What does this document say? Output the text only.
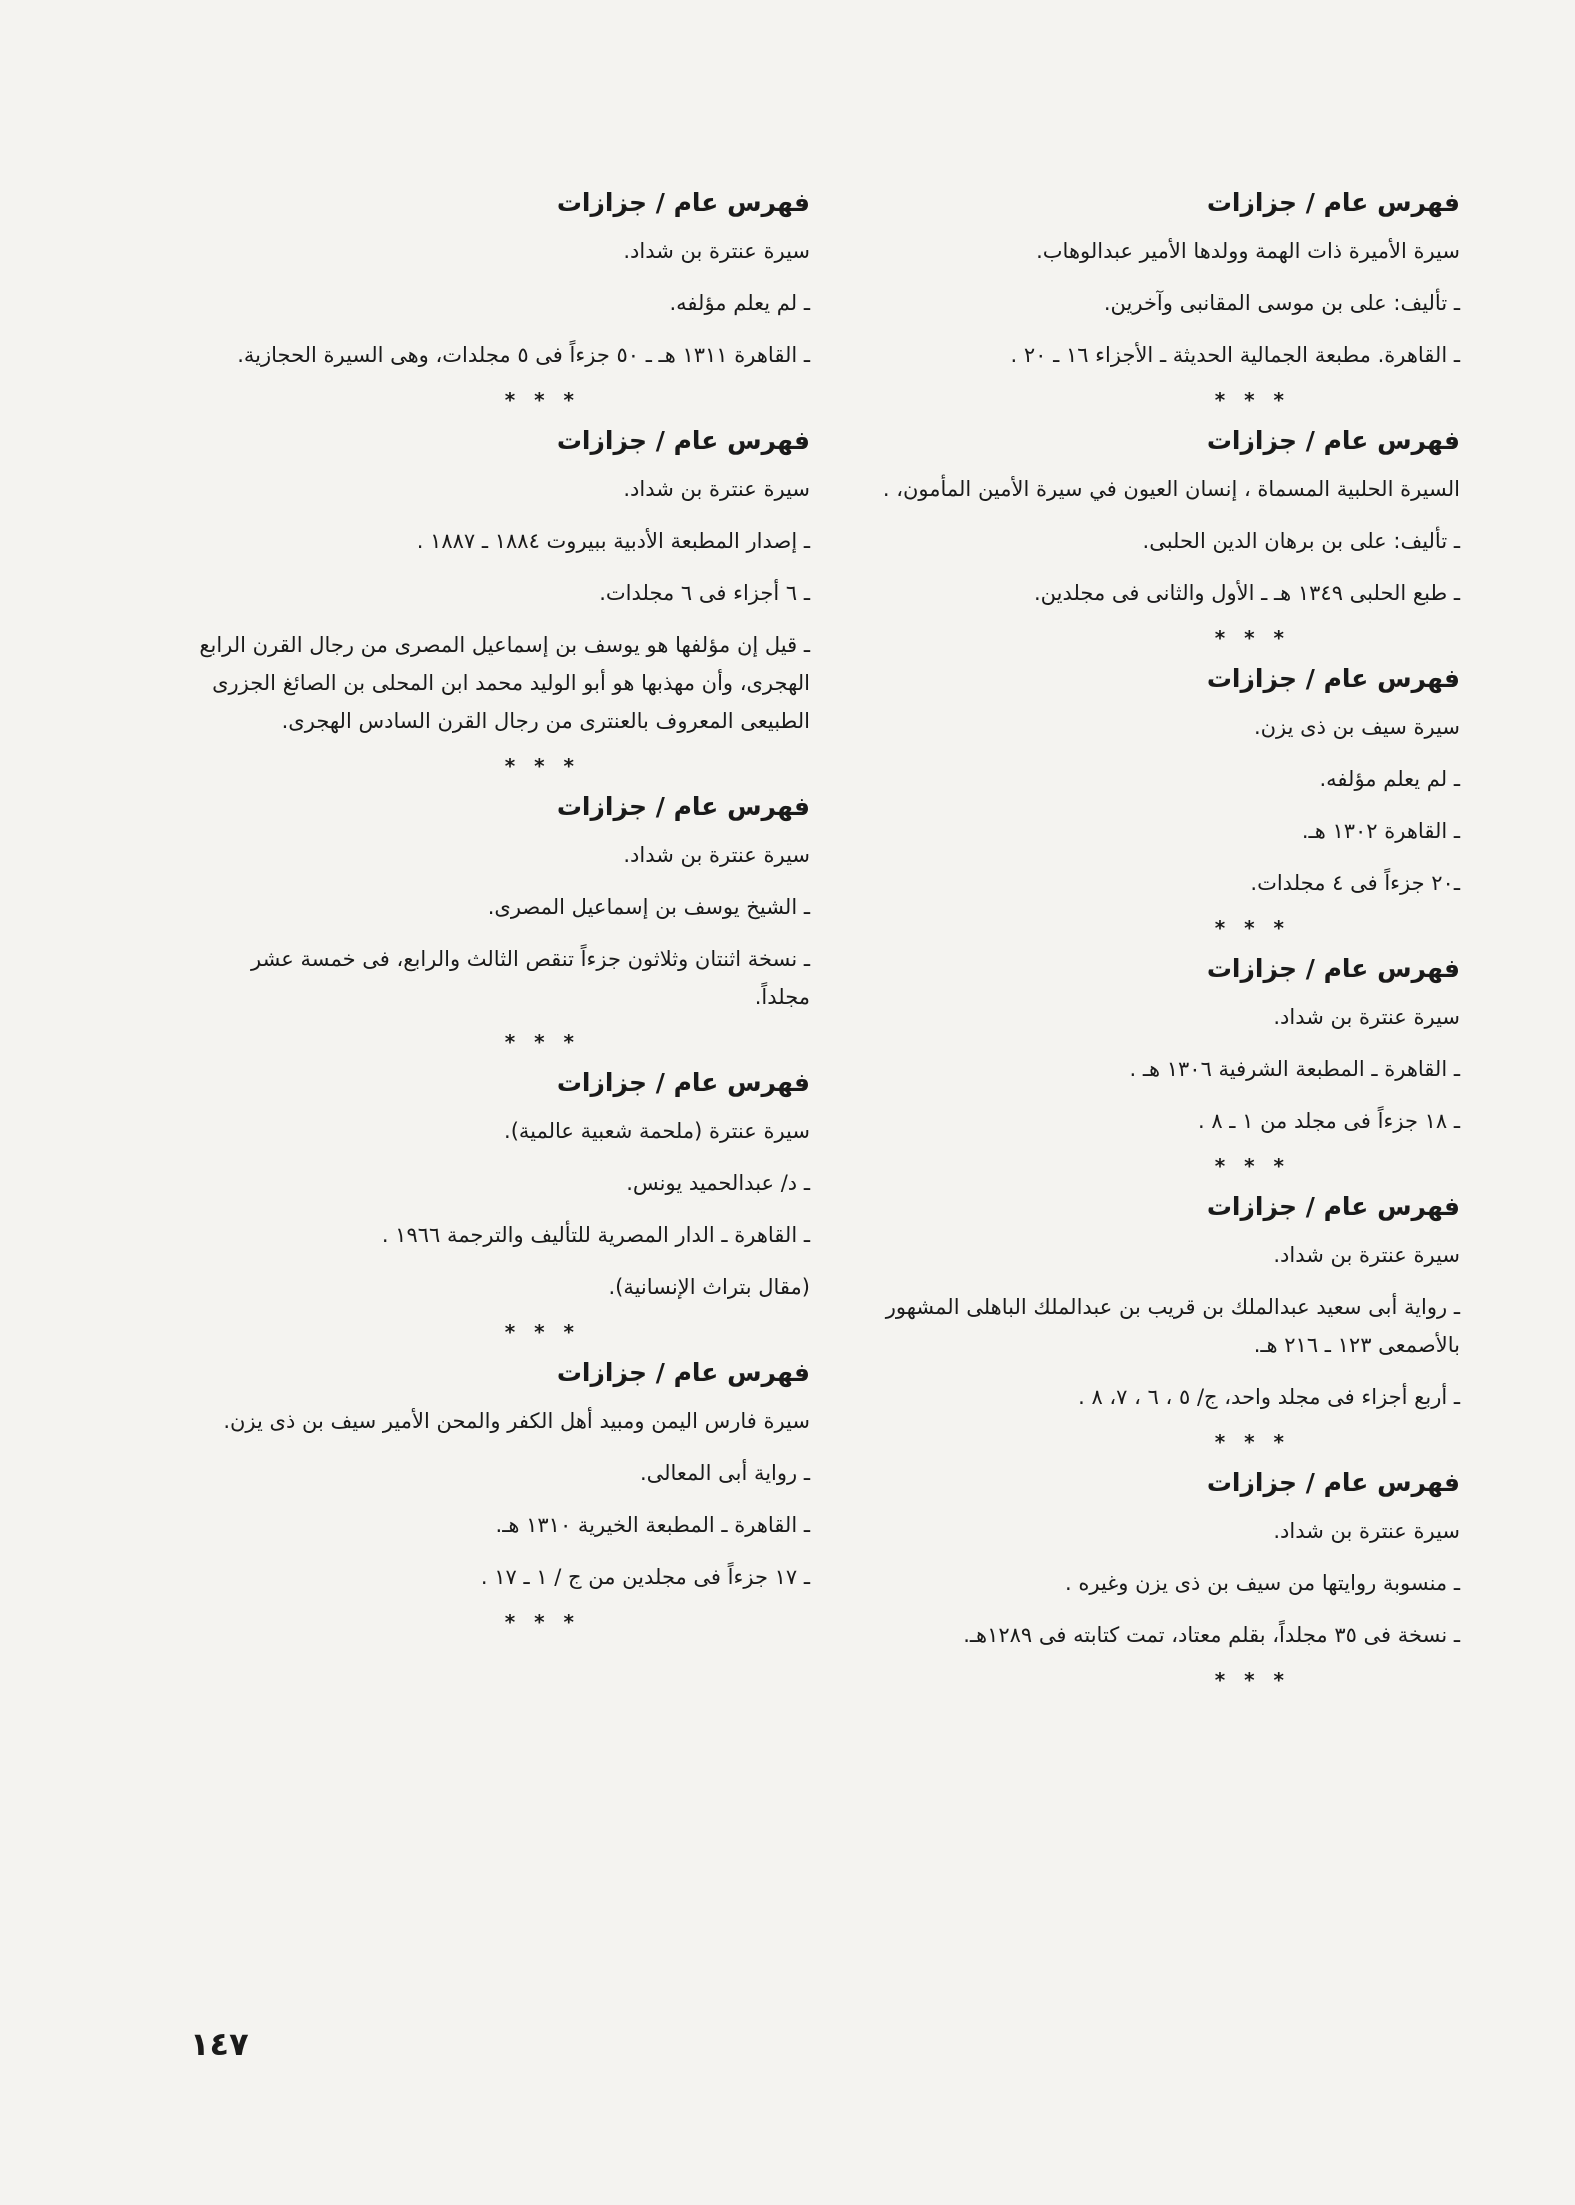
فهرس عام / جزازات
سيرة الأميرة ذات الهمة وولدها الأمير عبدالوهاب.
ـ تأليف: على بن موسى المقانبى وآخرين.
ـ القاهرة. مطبعة الجمالية الحديثة ـ الأجزاء ١٦ ـ ٢٠ .
* * *
فهرس عام / جزازات
السيرة الحلبية المسماة ، إنسان العيون في سيرة الأمين المأمون، .
ـ تأليف: على بن برهان الدين الحلبى.
ـ طبع الحلبى ١٣٤٩ هـ ـ الأول والثانى فى مجلدين.
* * *
فهرس عام / جزازات
سيرة سيف بن ذى يزن.
ـ لم يعلم مؤلفه.
ـ القاهرة ١٣٠٢ هـ.
ـ٢٠ جزءاً فى ٤ مجلدات.
* * *
فهرس عام / جزازات
سيرة عنترة بن شداد.
ـ القاهرة ـ المطبعة الشرفية ١٣٠٦ هـ .
ـ ١٨ جزءاً فى مجلد من ١ ـ ٨ .
* * *
فهرس عام / جزازات
سيرة عنترة بن شداد.
ـ رواية أبى سعيد عبدالملك بن قريب بن عبدالملك الباهلى المشهور بالأصمعى ١٢٣ ـ ٢١٦ هـ.
ـ أربع أجزاء فى مجلد واحد، ج/ ٥ ، ٦ ، ٧، ٨ .
* * *
فهرس عام / جزازات
سيرة عنترة بن شداد.
ـ منسوبة روايتها من سيف بن ذى يزن وغيره .
ـ نسخة فى ٣٥ مجلداً، بقلم معتاد، تمت كتابته فى ١٢٨٩هـ.
* * *
فهرس عام / جزازات
سيرة عنترة بن شداد.
ـ لم يعلم مؤلفه.
ـ القاهرة ١٣١١ هـ ـ ٥٠ جزءاً فى ٥ مجلدات، وهى السيرة الحجازية.
* * *
فهرس عام / جزازات
سيرة عنترة بن شداد.
ـ إصدار المطبعة الأدبية ببيروت ١٨٨٤ ـ ١٨٨٧ .
ـ ٦ أجزاء فى ٦ مجلدات.
ـ قيل إن مؤلفها هو يوسف بن إسماعيل المصرى من رجال القرن الرابع الهجرى، وأن مهذبها هو أبو الوليد محمد ابن المحلى بن الصائغ الجزرى الطبيعى المعروف بالعنترى من رجال القرن السادس الهجرى.
* * *
فهرس عام / جزازات
سيرة عنترة بن شداد.
ـ الشيخ يوسف بن إسماعيل المصرى.
ـ نسخة اثنتان وثلاثون جزءاً تنقص الثالث والرابع، فى خمسة عشر مجلداً.
* * *
فهرس عام / جزازات
سيرة عنترة (ملحمة شعبية عالمية).
ـ د/ عبدالحميد يونس.
ـ القاهرة ـ الدار المصرية للتأليف والترجمة ١٩٦٦ .
(مقال بتراث الإنسانية).
* * *
فهرس عام / جزازات
سيرة فارس اليمن ومبيد أهل الكفر والمحن الأمير سيف بن ذى يزن.
ـ رواية أبى المعالى.
ـ القاهرة ـ المطبعة الخيرية ١٣١٠ هـ.
ـ ١٧ جزءاً فى مجلدين من ج / ١ ـ ١٧ .
* * *
١٤٧
